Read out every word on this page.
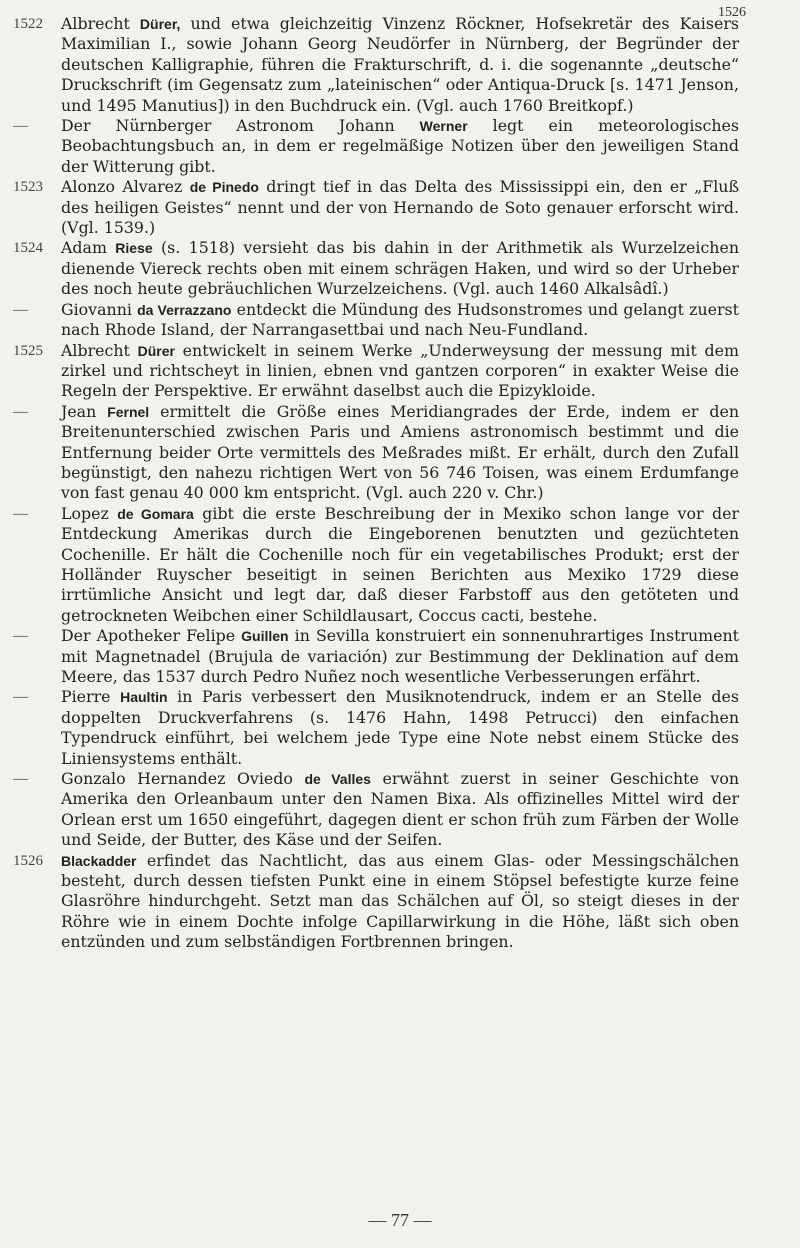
1526
1522	Albrecht Dürer, und etwa gleichzeitig Vinzenz Röckner, Hofsekretär des Kaisers Maximilian I., sowie Johann Georg Neudörfer in Nürnberg, der Begründer der deutschen Kalligraphie, führen die Frakturschrift, d. i. die sogenannte „deutsche“ Druckschrift (im Gegensatz zum „lateinischen“ oder Antiqua-Druck [s. 1471 Jenson, und 1495 Manutius]) in den Buchdruck ein. (Vgl. auch 1760 Breitkopf.)
—	Der Nürnberger Astronom Johann Werner legt ein meteorologisches Beobachtungsbuch an, in dem er regelmäßige Notizen über den jeweiligen Stand der Witterung gibt.
1523	Alonzo Alvarez de Pinedo dringt tief in das Delta des Mississippi ein, den er „Fluß des heiligen Geistes“ nennt und der von Hernando de Soto genauer erforscht wird. (Vgl. 1539.)
1524	Adam Riese (s. 1518) versieht das bis dahin in der Arithmetik als Wurzelzeichen dienende Viereck rechts oben mit einem schrägen Haken, und wird so der Urheber des noch heute gebräuchlichen Wurzelzeichens. (Vgl. auch 1460 Alkalsâdî.)
—	Giovanni da Verrazzano entdeckt die Mündung des Hudsonstromes und gelangt zuerst nach Rhode Island, der Narrangasettbai und nach Neu-Fundland.
1525	Albrecht Dürer entwickelt in seinem Werke „Underweysung der messung mit dem zirkel und richtscheyt in linien, ebnen vnd gantzen corporen“ in exakter Weise die Regeln der Perspektive. Er erwähnt daselbst auch die Epizykloide.
—	Jean Fernel ermittelt die Größe eines Meridiangrades der Erde, indem er den Breitenunterschied zwischen Paris und Amiens astronomisch bestimmt und die Entfernung beider Orte vermittels des Meßrades mißt. Er erhält, durch den Zufall begünstigt, den nahezu richtigen Wert von 56 746 Toisen, was einem Erdumfange von fast genau 40 000 km entspricht. (Vgl. auch 220 v. Chr.)
—	Lopez de Gomara gibt die erste Beschreibung der in Mexiko schon lange vor der Entdeckung Amerikas durch die Eingeborenen benutzten und gezüchteten Cochenille. Er hält die Cochenille noch für ein vegetabilisches Produkt; erst der Holländer Ruyscher beseitigt in seinen Berichten aus Mexiko 1729 diese irrtümliche Ansicht und legt dar, daß dieser Farbstoff aus den getöteten und getrockneten Weibchen einer Schildlausart, Coccus cacti, bestehe.
—	Der Apotheker Felipe Guillen in Sevilla konstruiert ein sonnenuhrartiges Instrument mit Magnetnadel (Brujula de variación) zur Bestimmung der Deklination auf dem Meere, das 1537 durch Pedro Nuñez noch wesentliche Verbesserungen erfährt.
—	Pierre Haultin in Paris verbessert den Musiknotendruck, indem er an Stelle des doppelten Druckverfahrens (s. 1476 Hahn, 1498 Petrucci) den einfachen Typendruck einführt, bei welchem jede Type eine Note nebst einem Stücke des Liniensystems enthält.
—	Gonzalo Hernandez Oviedo de Valles erwähnt zuerst in seiner Geschichte von Amerika den Orleanbaum unter den Namen Bixa. Als offizinelles Mittel wird der Orlean erst um 1650 eingeführt, dagegen dient er schon früh zum Färben der Wolle und Seide, der Butter, des Käse und der Seifen.
1526	Blackadder erfindet das Nachtlicht, das aus einem Glas- oder Messingschälchen besteht, durch dessen tiefsten Punkt eine in einem Stöpsel befestigte kurze feine Glasröhre hindurchgeht. Setzt man das Schälchen auf Öl, so steigt dieses in der Röhre wie in einem Dochte infolge Capillarwirkung in die Höhe, läßt sich oben entzünden und zum selbständigen Fortbrennen bringen.
— 77 —
